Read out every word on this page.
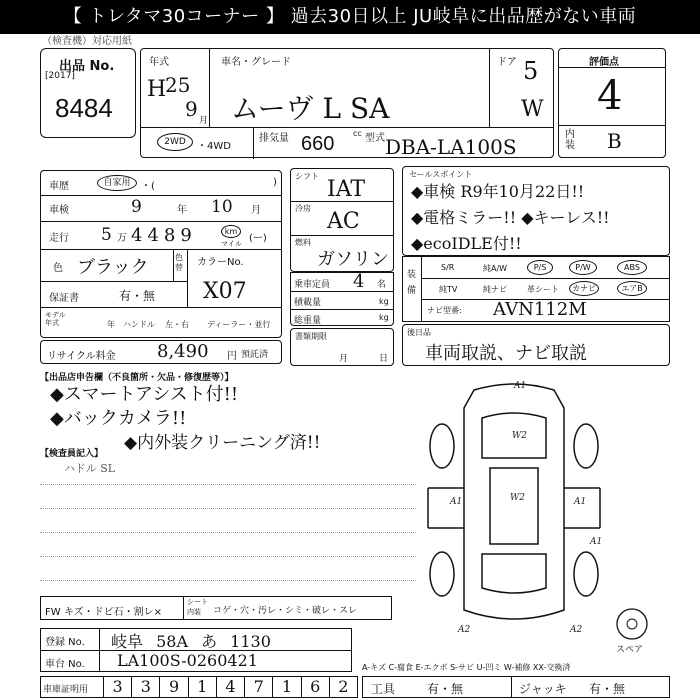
【 トレタマ30コーナー 】 過去30日以上 JU岐阜に出品歴がない車両
（検査機）対応用紙
出品 No.
[2017]
8484
年式
H
25
9 月
車名・グレード
ムーヴ L SA
ドア 5
W
2WD	・4WD
排気量 660 cc 型式 DBA-LA100S
評価点
4
内装 B
車歴	自家用	・(	)
車検	9	年 10 月
走行 5 万 4489	km
マイル (ー)
色 ブラック	色替 カラーNo.
保証書	有・無 X07
モデル年式	年 ハンドル 左・右 ディーラー・並行
リサイクル料金 8,490 円 預託済
シフト
IAT
冷房
AC
燃料
ガソリン
乗車定員 4 名
積載量	kg
総重量	kg
書類期限
月	日
セールスポイント
◆車検 R9年10月22日!!
◆電格ミラー!! ◆キーレス!!
◆ecoIDLE付!!
装備
S/R	純A/W	P/S	P/W	ABS
純TV	純ナビ	革シート	カナビ	エアB
ナビ型番: AVN112M
後日品
車両取説、ナビ取説
【出品店申告欄（不良箇所・欠品・修復歴等）】
◆スマートアシスト付!!
◆バックカメラ!!
◆内外装クリーニング済!!
【検査員記入】
ハドル SL
FW キズ・ドビ石・割レ×
シート内装	コゲ・穴・汚レ・シミ・破レ・スレ
登録 No. 岐阜 58A あ 1130
車台 No. LA100S-0260421
車庫証明用	3	3	9	1	4	7	1	6	2	工具	有・無	ジャッキ 有・無
A1
W2
A1	W2	A1
A1
A2	A2
スペア
A-キズ C-腐食 E-エクボ S-サビ U-凹ミ W-補修 XX-交換済
